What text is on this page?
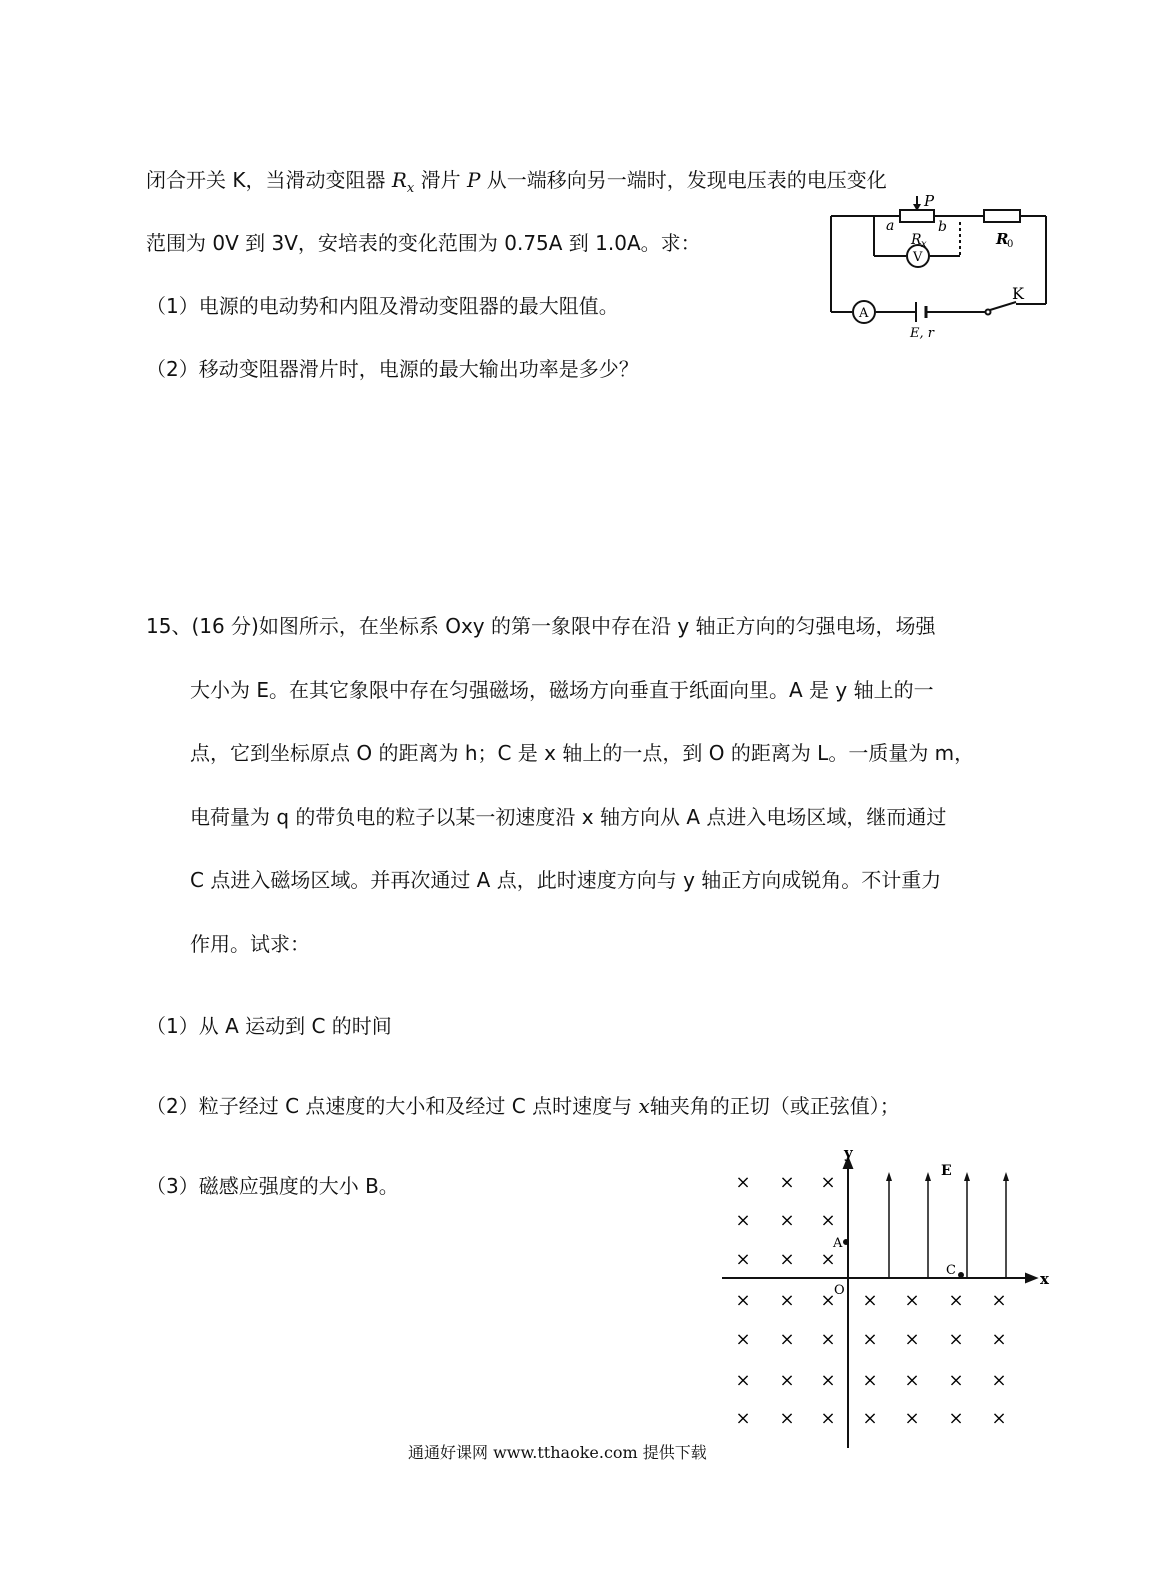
闭合开关 K，当滑动变阻器 $R_x$ 滑片 P 从一端移向另一端时，发现电压表的电压变化
范围为 0V 到 3V，安培表的变化范围为 0.75A 到 1.0A。求：
（1）电源的电动势和内阻及滑动变阻器的最大阻值。
（2）移动变阻器滑片时，电源的最大输出功率是多少？
P
a	b
R x	R
0
V
A
K
E, r
15、(16 分)如图所示，在坐标系 Oxy 的第一象限中存在沿 y 轴正方向的匀强电场，场强
大小为 E。在其它象限中存在匀强磁场，磁场方向垂直于纸面向里。A 是 y 轴上的一
点，它到坐标原点 O 的距离为 h；C 是 x 轴上的一点，到 O 的距离为 L。一质量为 m，
电荷量为 q 的带负电的粒子以某一初速度沿 x 轴方向从 A 点进入电场区域，继而通过
C 点进入磁场区域。并再次通过 A 点，此时速度方向与 y 轴正方向成锐角。不计重力
作用。试求：
（1）从 A 运动到 C 的时间
（2）粒子经过 C 点速度的大小和及经过 C 点时速度与 x轴夹角的正切（或正弦值）；
（3）磁感应强度的大小 B。
y
x
E
A
C
O
× × ×
× × ×
× × ×
× × × × × × ×
× × × × × × ×
× × × × × × ×
× × × × × × ×
通通好课网 www.tthaoke.com 提供下载
